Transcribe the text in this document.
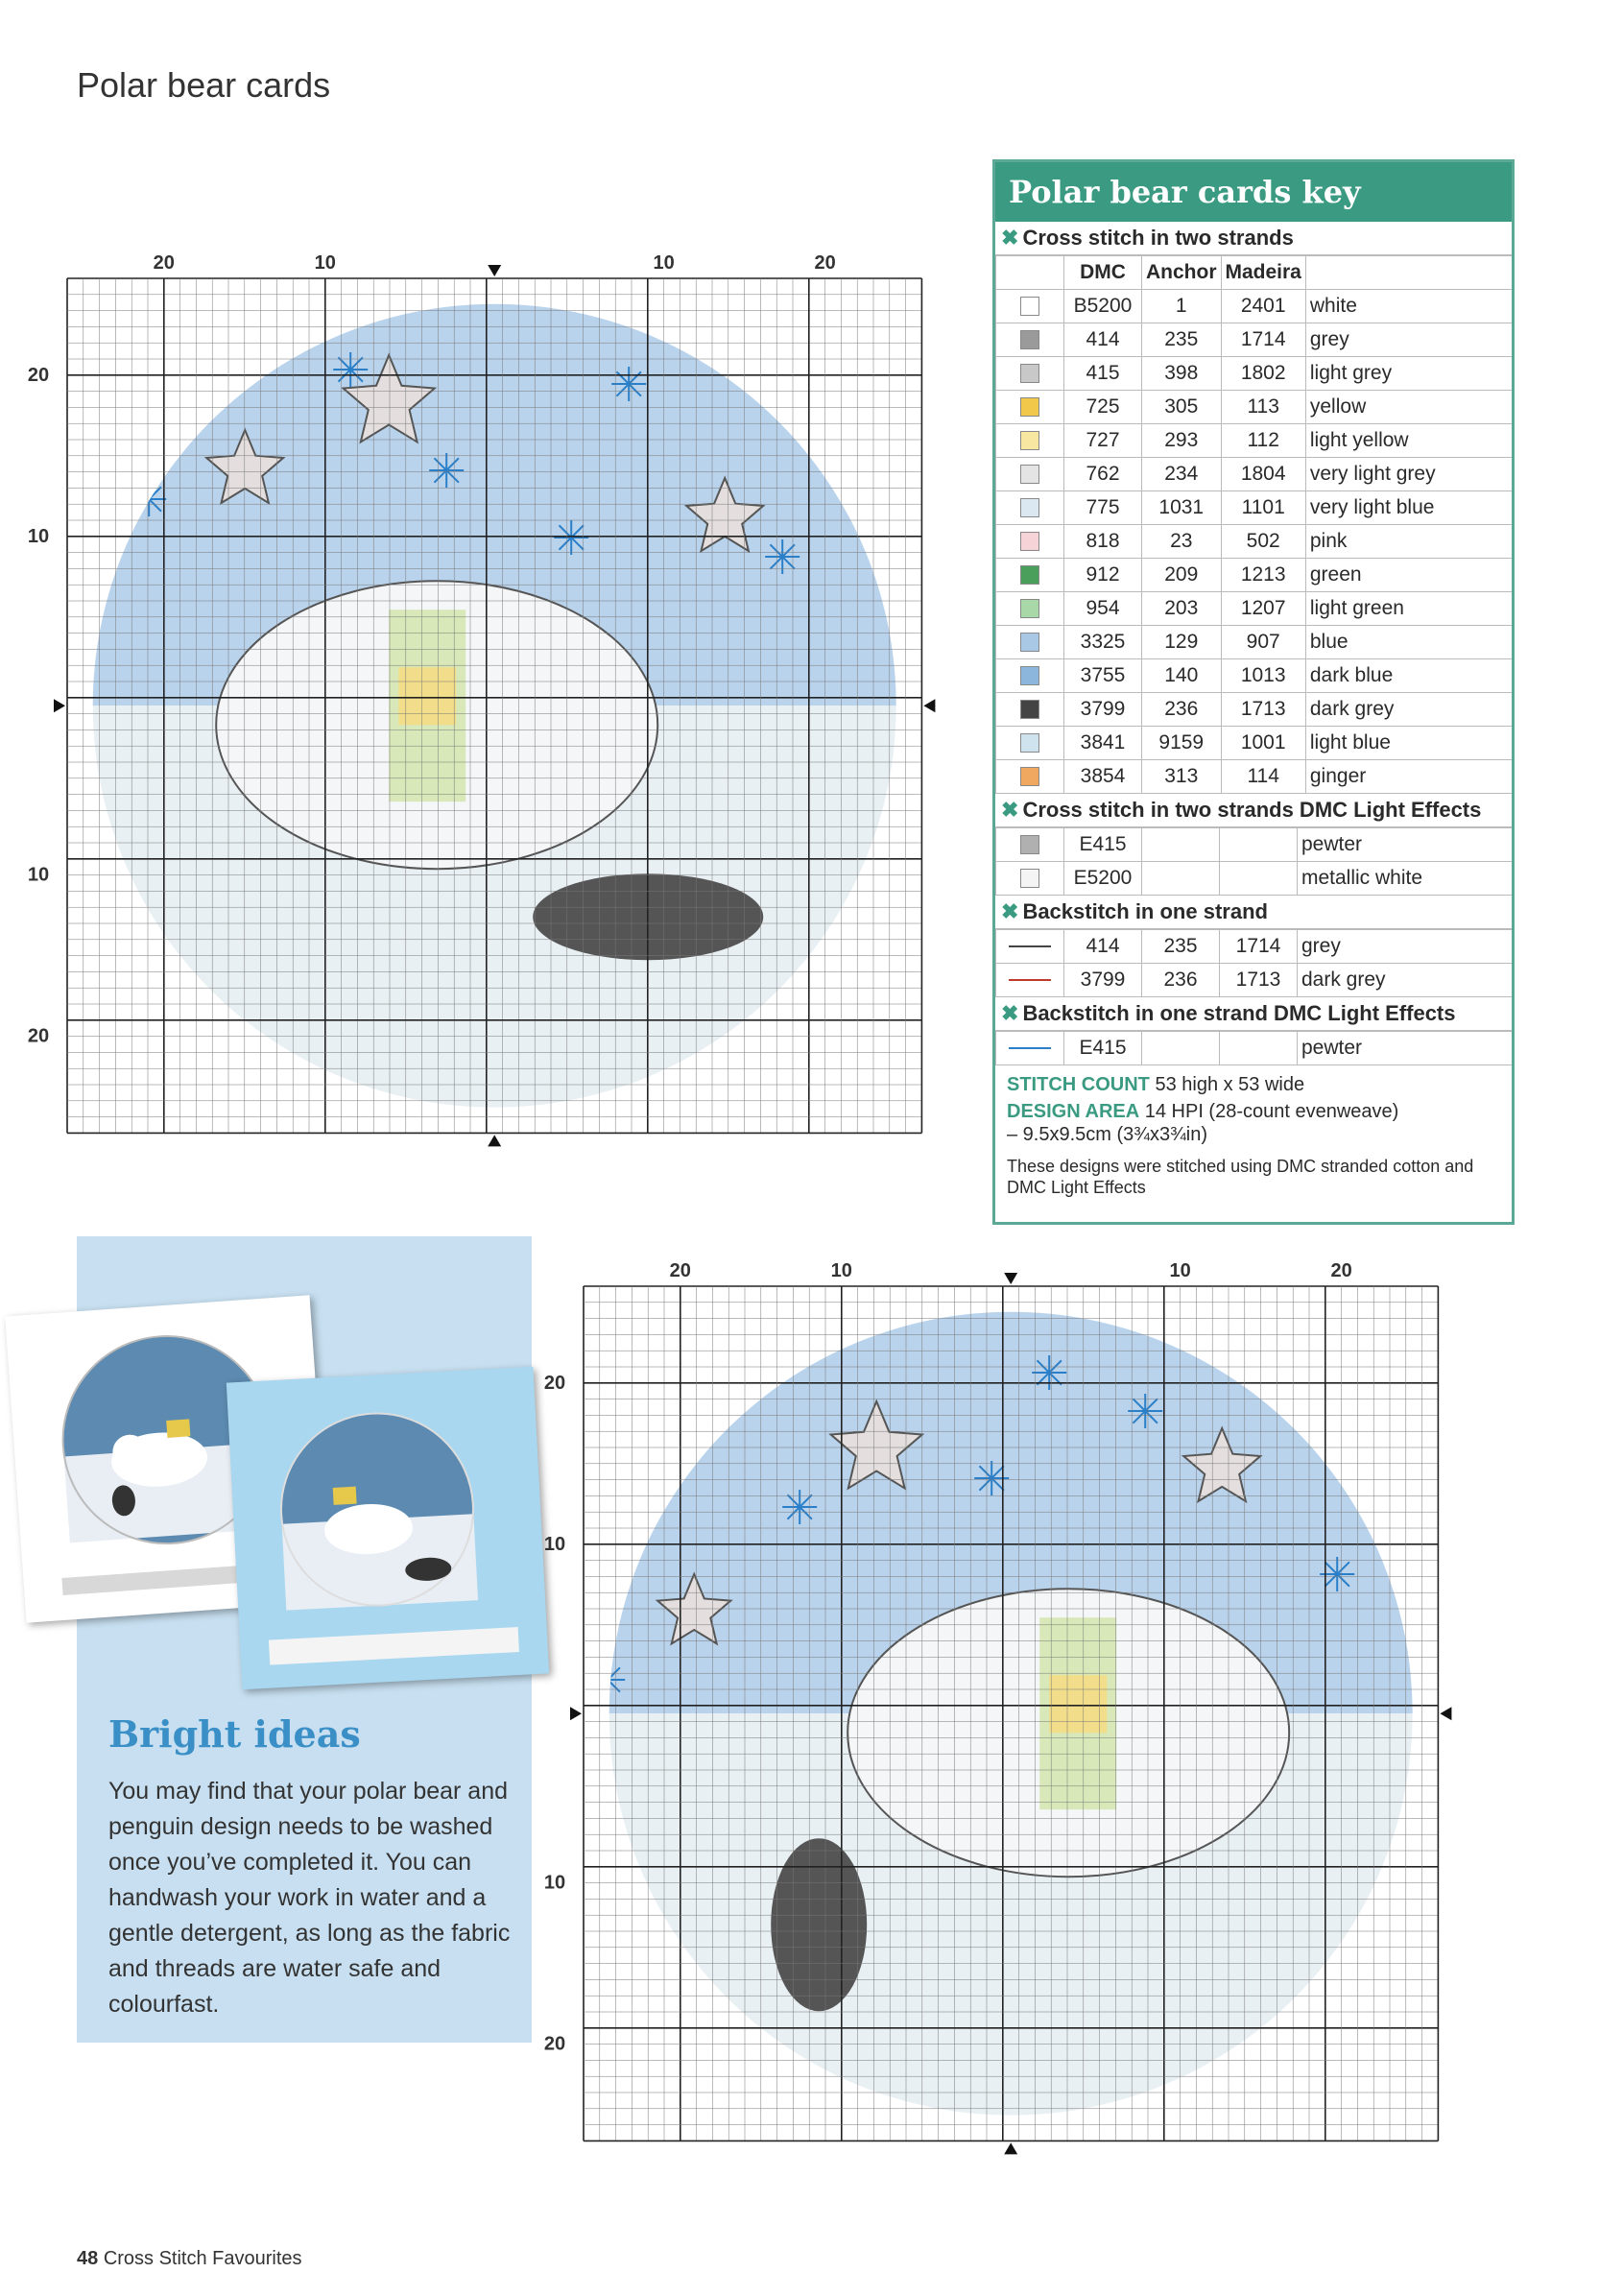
Polar bear cards
20	10	10	20
20
10
10
20
20	10	10	20
20
10
10
20
Polar bear cards key
✖ Cross stitch in two strands
	DMC	Anchor	Madeira	
	B5200	1	2401	white
	414	235	1714	grey
	415	398	1802	light grey
	725	305	113	yellow
	727	293	112	light yellow
	762	234	1804	very light grey
	775	1031	1101	very light blue
	818	23	502	pink
	912	209	1213	green
	954	203	1207	light green
	3325	129	907	blue
	3755	140	1013	dark blue
	3799	236	1713	dark grey
	3841	9159	1001	light blue
	3854	313	114	ginger
✖ Cross stitch in two strands DMC Light Effects
	E415			pewter
	E5200			metallic white
✖ Backstitch in one strand
	414	235	1714	grey
	3799	236	1713	dark grey
✖ Backstitch in one strand DMC Light Effects
	E415			pewter

STITCH COUNT 53 high x 53 wide

DESIGN AREA 14 HPI (28-count evenweave)
– 9.5x9.5cm (3¾x3¾in)

These designs were stitched using DMC stranded cotton and DMC Light Effects

Bright ideas
You may find that your polar bear and penguin design needs to be washed once you’ve completed it. You can handwash your work in water and a gentle detergent, as long as the fabric and threads are water safe and colourfast.
48 Cross Stitch Favourites
